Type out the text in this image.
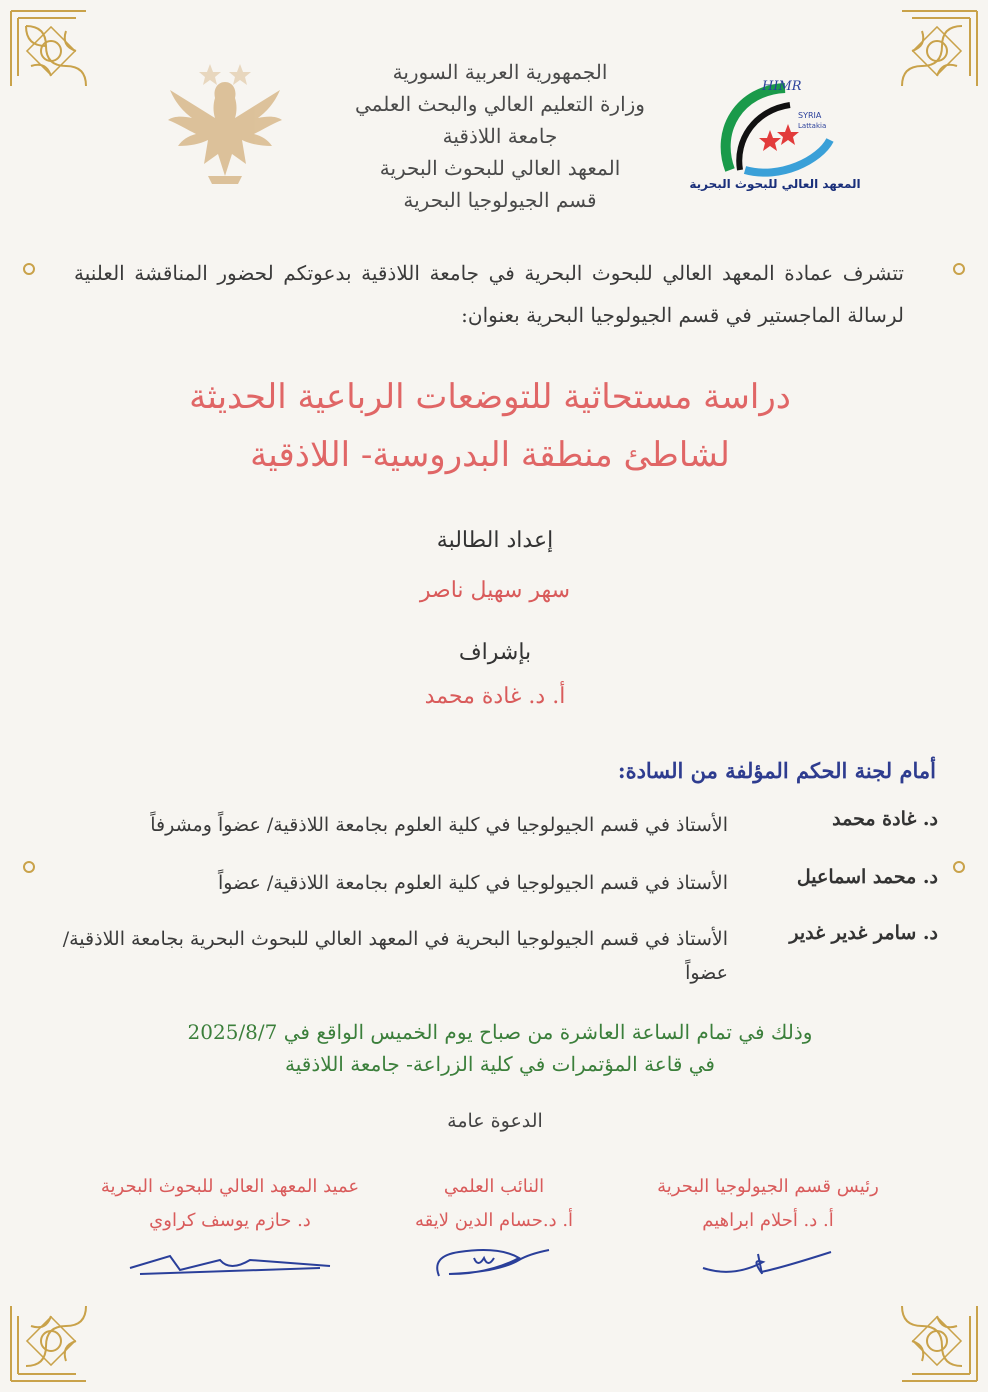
HIMR
SYRIA
Lattakia
المعهد العالي للبحوث البحرية
الجمهورية العربية السورية
وزارة التعليم العالي والبحث العلمي
جامعة اللاذقية
المعهد العالي للبحوث البحرية
قسم الجيولوجيا البحرية
تتشرف عمادة المعهد العالي للبحوث البحرية في جامعة اللاذقية بدعوتكم لحضور المناقشة العلنية لرسالة الماجستير في قسم الجيولوجيا البحرية بعنوان:
دراسة مستحاثية للتوضعات الرباعية الحديثة
لشاطئ منطقة البدروسية- اللاذقية
إعداد الطالبة
سهر سهيل ناصر
بإشراف
أ. د. غادة محمد
أمام لجنة الحكم المؤلفة من السادة:
د. غادة محمد
الأستاذ في قسم الجيولوجيا في كلية العلوم بجامعة اللاذقية/ عضواً ومشرفاً
د. محمد اسماعيل
الأستاذ في قسم الجيولوجيا في كلية العلوم بجامعة اللاذقية/ عضواً
د. سامر غدير غدير
الأستاذ في قسم الجيولوجيا البحرية في المعهد العالي للبحوث البحرية بجامعة اللاذقية/ عضواً
وذلك في تمام الساعة العاشرة من صباح يوم الخميس الواقع في 2025/8/7
في قاعة المؤتمرات في كلية الزراعة- جامعة اللاذقية
الدعوة عامة
رئيس قسم الجيولوجيا البحرية
أ. د. أحلام ابراهيم
النائب العلمي
أ. د.حسام الدين لايقه
عميد المعهد العالي للبحوث البحرية
د. حازم يوسف كراوي
